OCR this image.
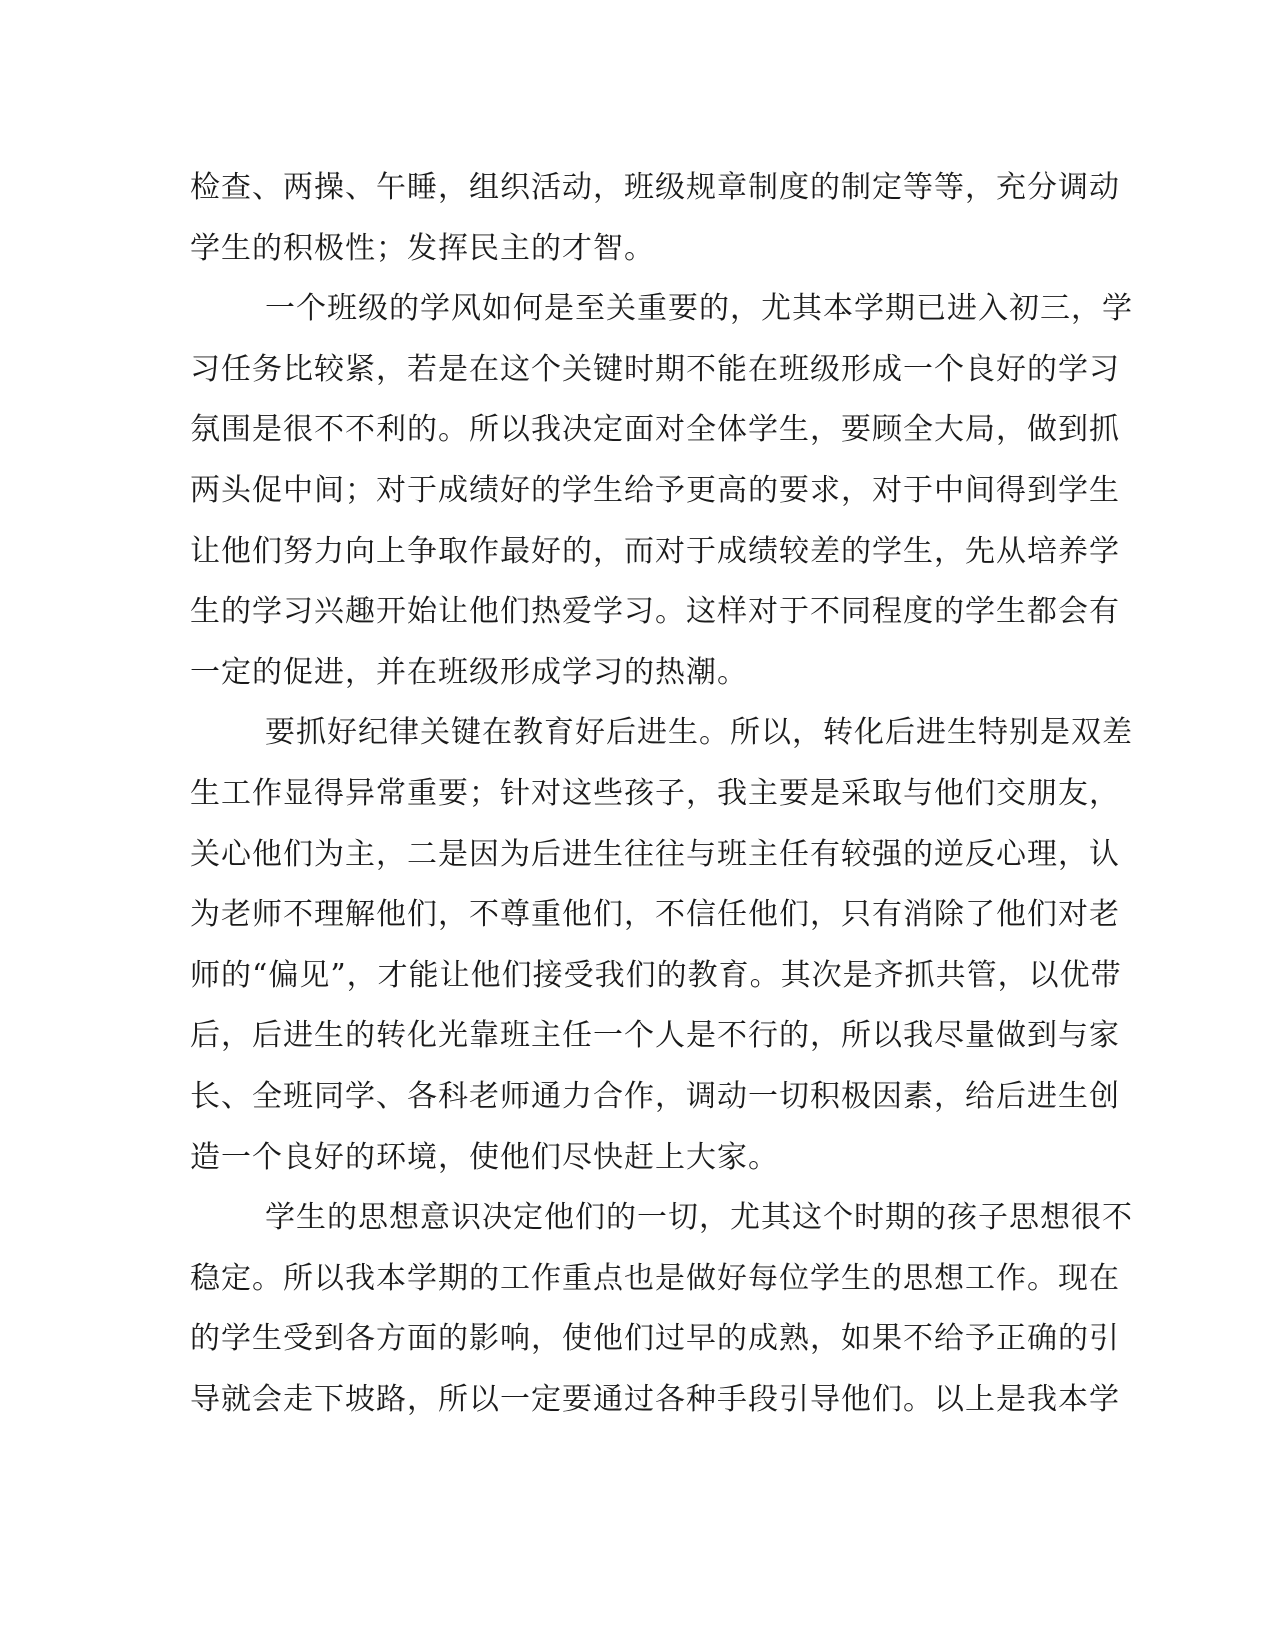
检查、两操、午睡，组织活动，班级规章制度的制定等等，充分调动
学生的积极性；发挥民主的才智。
一个班级的学风如何是至关重要的，尤其本学期已进入初三，学
习任务比较紧，若是在这个关键时期不能在班级形成一个良好的学习
氛围是很不不利的。所以我决定面对全体学生，要顾全大局，做到抓
两头促中间；对于成绩好的学生给予更高的要求，对于中间得到学生
让他们努力向上争取作最好的，而对于成绩较差的学生，先从培养学
生的学习兴趣开始让他们热爱学习。这样对于不同程度的学生都会有
一定的促进，并在班级形成学习的热潮。
要抓好纪律关键在教育好后进生。所以，转化后进生特别是双差
生工作显得异常重要；针对这些孩子，我主要是采取与他们交朋友，
关心他们为主，二是因为后进生往往与班主任有较强的逆反心理，认
为老师不理解他们，不尊重他们，不信任他们，只有消除了他们对老
师的“偏见”，才能让他们接受我们的教育。其次是齐抓共管，以优带
后，后进生的转化光靠班主任一个人是不行的，所以我尽量做到与家
长、全班同学、各科老师通力合作，调动一切积极因素，给后进生创
造一个良好的环境，使他们尽快赶上大家。
学生的思想意识决定他们的一切，尤其这个时期的孩子思想很不
稳定。所以我本学期的工作重点也是做好每位学生的思想工作。现在
的学生受到各方面的影响，使他们过早的成熟，如果不给予正确的引
导就会走下坡路，所以一定要通过各种手段引导他们。以上是我本学
